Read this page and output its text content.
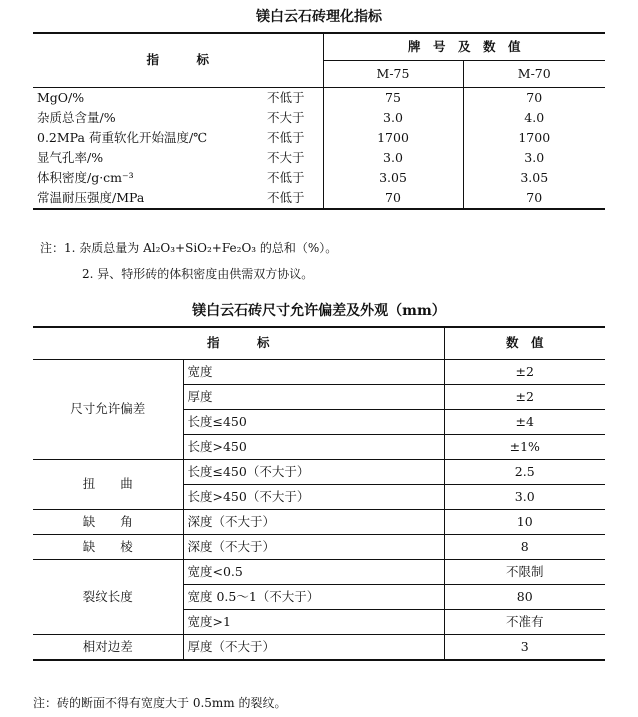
镁白云石砖理化指标
指　　　标		牌　号　及　数　值	
		M-75	M-70
MgO/%	不低于	75	70
杂质总含量/%	不大于	3.0	4.0
0.2MPa 荷重软化开始温度/℃	不低于	1700	1700
显气孔率/%	不大于	3.0	3.0
体积密度/g·cm⁻³	不低于	3.05	3.05
常温耐压强度/MPa	不低于	70	70
注：1. 杂质总量为 Al₂O₃+SiO₂+Fe₂O₃ 的总和（%）。
2. 异、特形砖的体积密度由供需双方协议。
镁白云石砖尺寸允许偏差及外观（mm）
指　　　标		数　值
尺寸允许偏差	宽度	±2
	厚度	±2
	长度≤450	±4
	长度>450	±1%
扭　　曲	长度≤450（不大于）	2.5
	长度>450（不大于）	3.0
缺　　角	深度（不大于）	10
缺　　棱	深度（不大于）	8
裂纹长度	宽度<0.5	不限制
	宽度 0.5～1（不大于）	80
	宽度>1	不准有
相对边差	厚度（不大于）	3
注：砖的断面不得有宽度大于 0.5mm 的裂纹。
